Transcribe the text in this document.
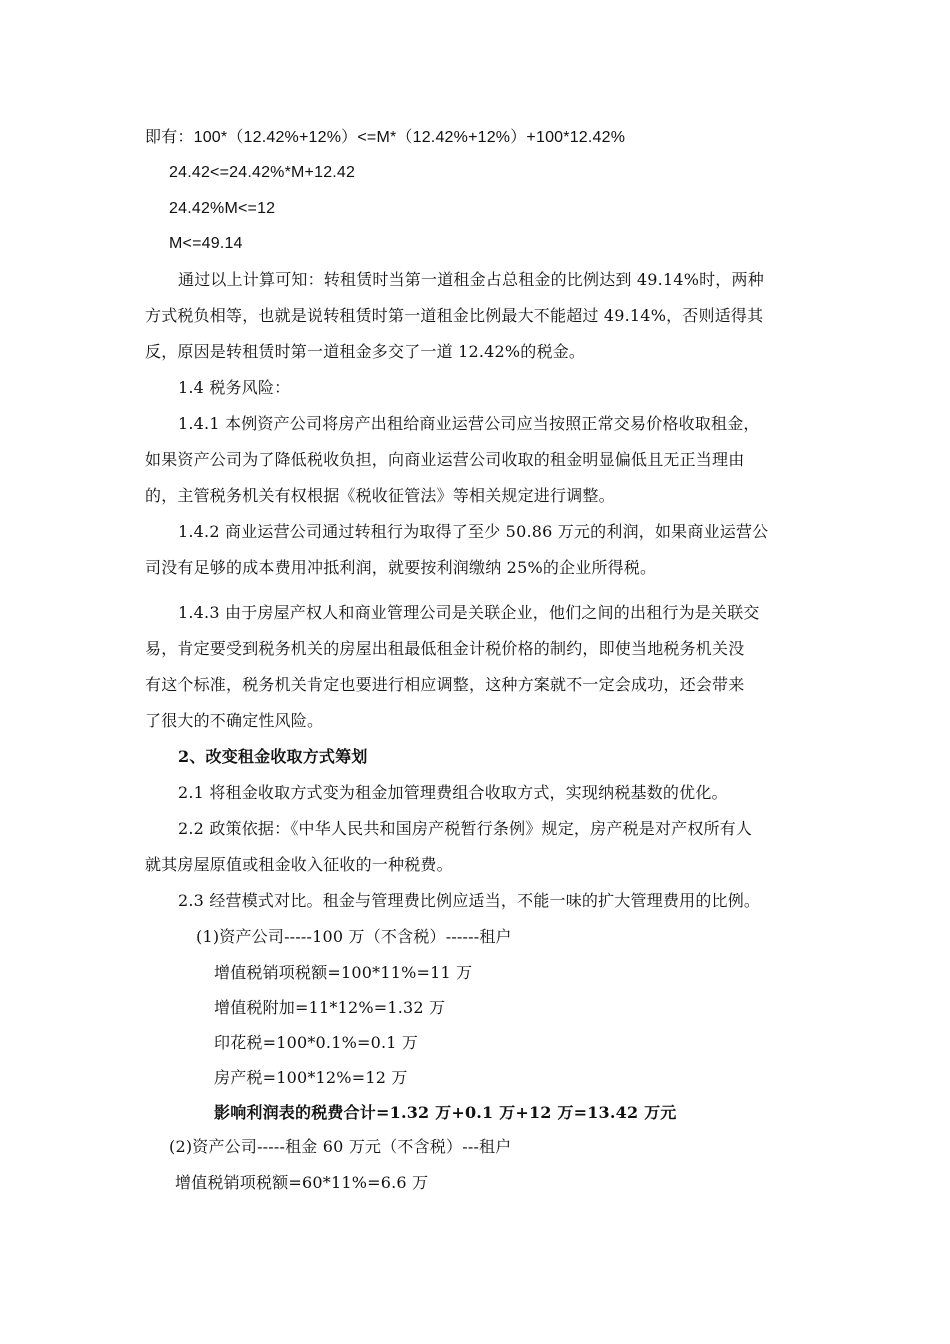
即有：100*（12.42%+12%）<=M*（12.42%+12%）+100*12.42%
24.42<=24.42%*M+12.42
24.42%M<=12
M<=49.14
通过以上计算可知：转租赁时当第一道租金占总租金的比例达到 49.14%时，两种
方式税负相等，也就是说转租赁时第一道租金比例最大不能超过 49.14%，否则适得其
反，原因是转租赁时第一道租金多交了一道 12.42%的税金。
1.4 税务风险：
1.4.1 本例资产公司将房产出租给商业运营公司应当按照正常交易价格收取租金，
如果资产公司为了降低税收负担，向商业运营公司收取的租金明显偏低且无正当理由
的，主管税务机关有权根据《税收征管法》等相关规定进行调整。
1.4.2 商业运营公司通过转租行为取得了至少 50.86 万元的利润，如果商业运营公
司没有足够的成本费用冲抵利润，就要按利润缴纳 25%的企业所得税。
1.4.3 由于房屋产权人和商业管理公司是关联企业，他们之间的出租行为是关联交
易，肯定要受到税务机关的房屋出租最低租金计税价格的制约，即使当地税务机关没
有这个标准，税务机关肯定也要进行相应调整，这种方案就不一定会成功，还会带来
了很大的不确定性风险。
2、改变租金收取方式筹划
2.1 将租金收取方式变为租金加管理费组合收取方式，实现纳税基数的优化。
2.2 政策依据：《中华人民共和国房产税暂行条例》规定，房产税是对产权所有人
就其房屋原值或租金收入征收的一种税费。
2.3 经营模式对比。租金与管理费比例应适当，不能一味的扩大管理费用的比例。
(1)资产公司-----100 万（不含税）------租户
增值税销项税额=100*11%=11 万
增值税附加=11*12%=1.32 万
印花税=100*0.1%=0.1 万
房产税=100*12%=12 万
影响利润表的税费合计=1.32 万+0.1 万+12 万=13.42 万元
(2)资产公司-----租金 60 万元（不含税）---租户
增值税销项税额=60*11%=6.6 万
